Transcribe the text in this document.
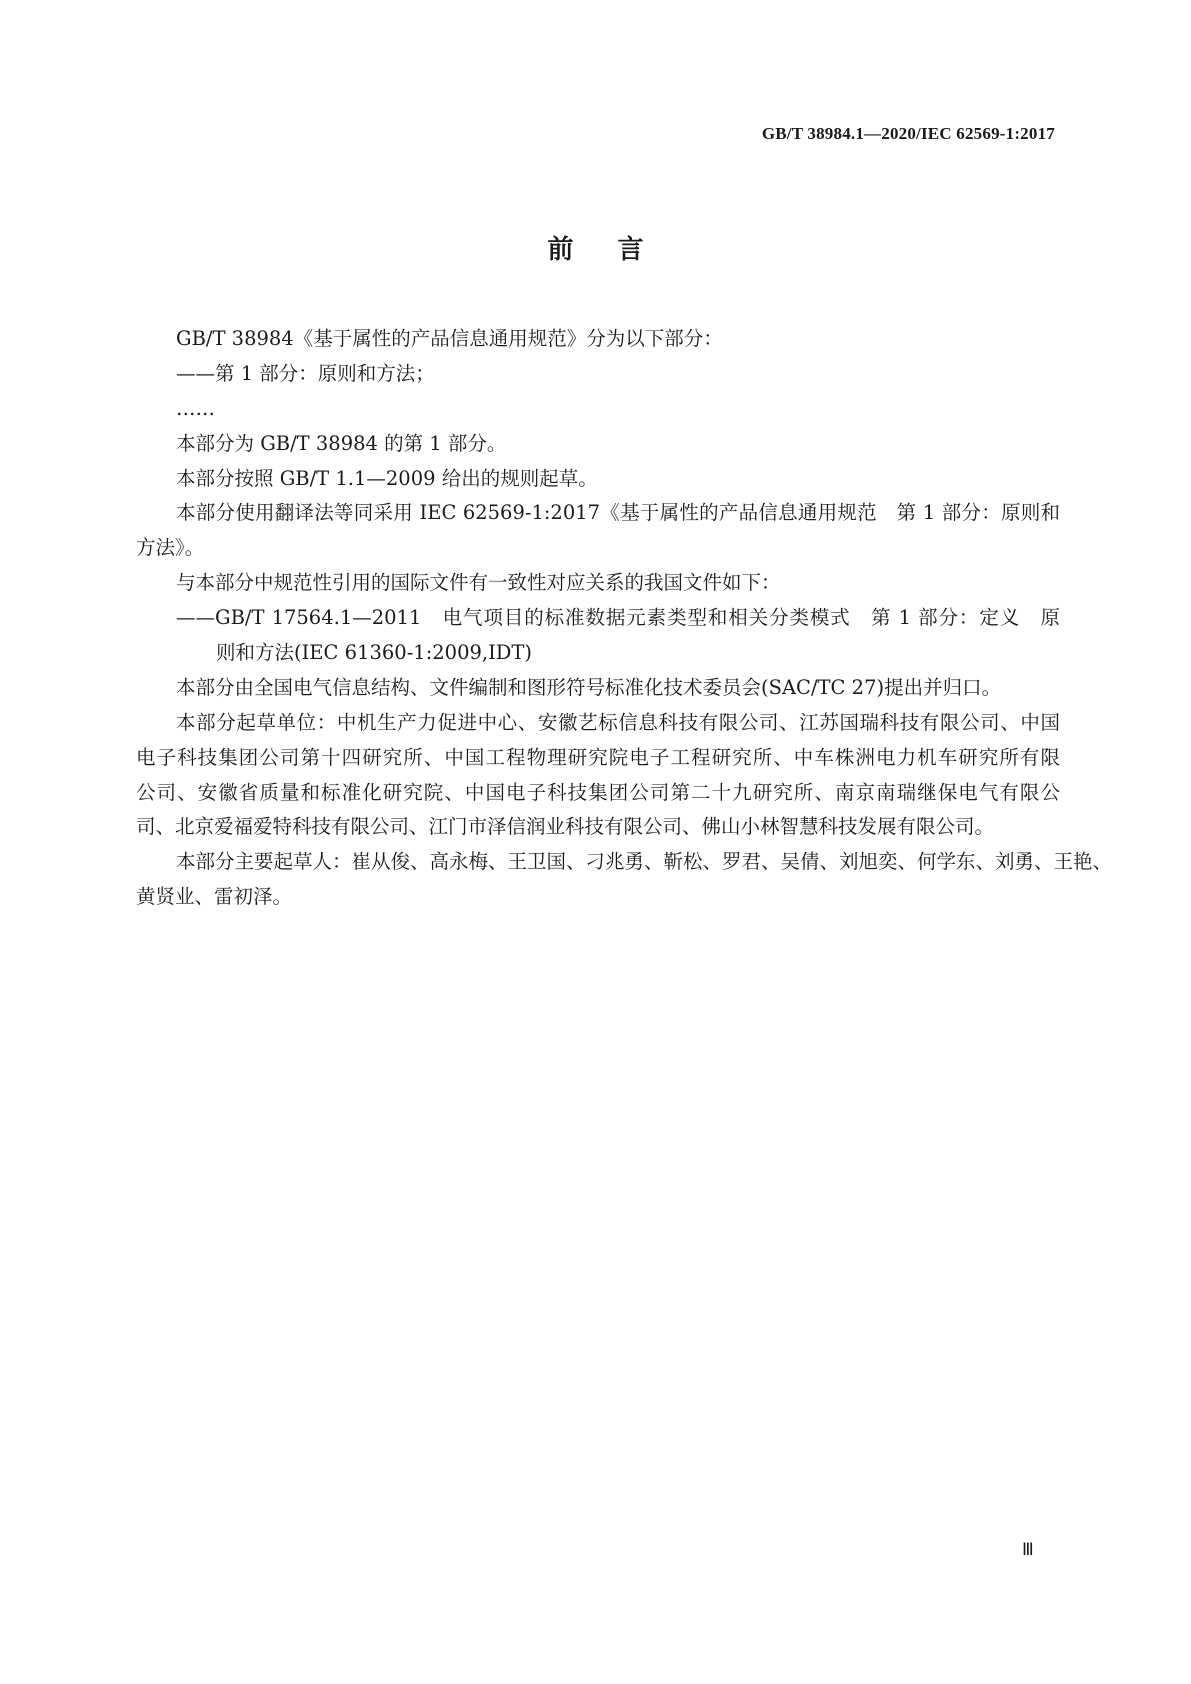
GB/T 38984.1—2020/IEC 62569-1:2017
前言
GB/T 38984《基于属性的产品信息通用规范》分为以下部分：
——第 1 部分：原则和方法；
……
本部分为 GB/T 38984 的第 1 部分。
本部分按照 GB/T 1.1—2009 给出的规则起草。
本部分使用翻译法等同采用 IEC 62569-1:2017《基于属性的产品信息通用规范　第 1 部分：原则和
方法》。
与本部分中规范性引用的国际文件有一致性对应关系的我国文件如下：
——GB/T 17564.1—2011　电气项目的标准数据元素类型和相关分类模式　第 1 部分：定义　原
则和方法(IEC 61360-1:2009,IDT)
本部分由全国电气信息结构、文件编制和图形符号标准化技术委员会(SAC/TC 27)提出并归口。
本部分起草单位：中机生产力促进中心、安徽艺标信息科技有限公司、江苏国瑞科技有限公司、中国
电子科技集团公司第十四研究所、中国工程物理研究院电子工程研究所、中车株洲电力机车研究所有限
公司、安徽省质量和标准化研究院、中国电子科技集团公司第二十九研究所、南京南瑞继保电气有限公
司、北京爱福爱特科技有限公司、江门市泽信润业科技有限公司、佛山小林智慧科技发展有限公司。
本部分主要起草人：崔从俊、高永梅、王卫国、刁兆勇、靳松、罗君、吴倩、刘旭奕、何学东、刘勇、王艳、
黄贤业、雷初泽。
Ⅲ
